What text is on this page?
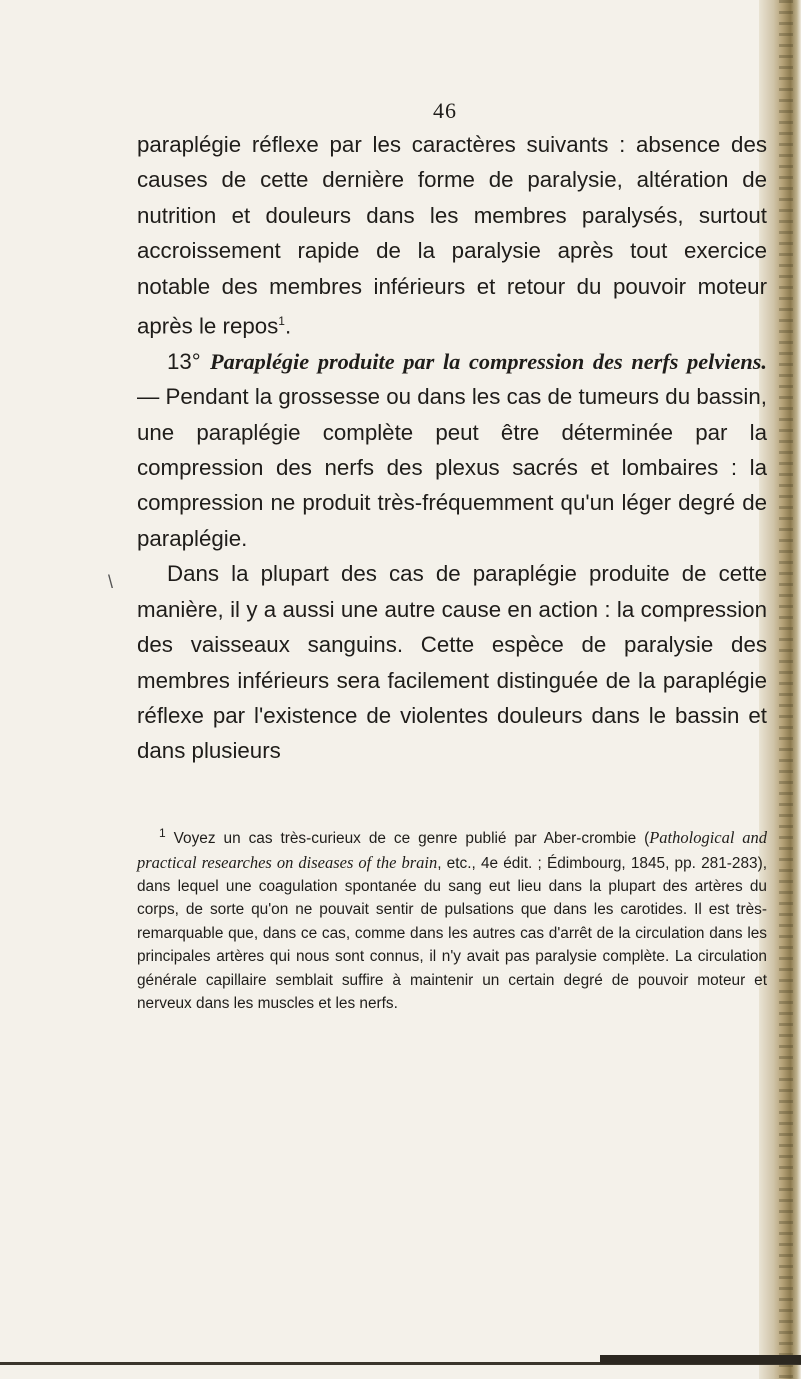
46

paraplégie réflexe par les caractères suivants : absence des causes de cette dernière forme de paralysie, altération de nutrition et douleurs dans les membres paralysés, surtout accroissement rapide de la paralysie après tout exercice notable des membres inférieurs et retour du pouvoir moteur après le repos$^1$.

13° Paraplégie produite par la compression des nerfs pelviens. — Pendant la grossesse ou dans les cas de tumeurs du bassin, une paraplégie complète peut être déterminée par la compression des nerfs des plexus sacrés et lombaires : la compression ne produit très-fréquemment qu'un léger degré de paraplégie.

Dans la plupart des cas de paraplégie produite de cette manière, il y a aussi une autre cause en action : la compression des vaisseaux sanguins. Cette espèce de paralysie des membres inférieurs sera facilement distinguée de la paraplégie réflexe par l'existence de violentes douleurs dans le bassin et dans plusieurs

\

$^1$ Voyez un cas très-curieux de ce genre publié par Aber-crombie (Pathological and practical researches on diseases of the brain, etc., 4e édit. ; Édimbourg, 1845, pp. 281-283), dans lequel une coagulation spontanée du sang eut lieu dans la plupart des artères du corps, de sorte qu'on ne pouvait sentir de pulsations que dans les carotides. Il est très-remarquable que, dans ce cas, comme dans les autres cas d'arrêt de la circulation dans les principales artères qui nous sont connus, il n'y avait pas paralysie complète. La circulation générale capillaire semblait suffire à maintenir un certain degré de pouvoir moteur et nerveux dans les muscles et les nerfs.
